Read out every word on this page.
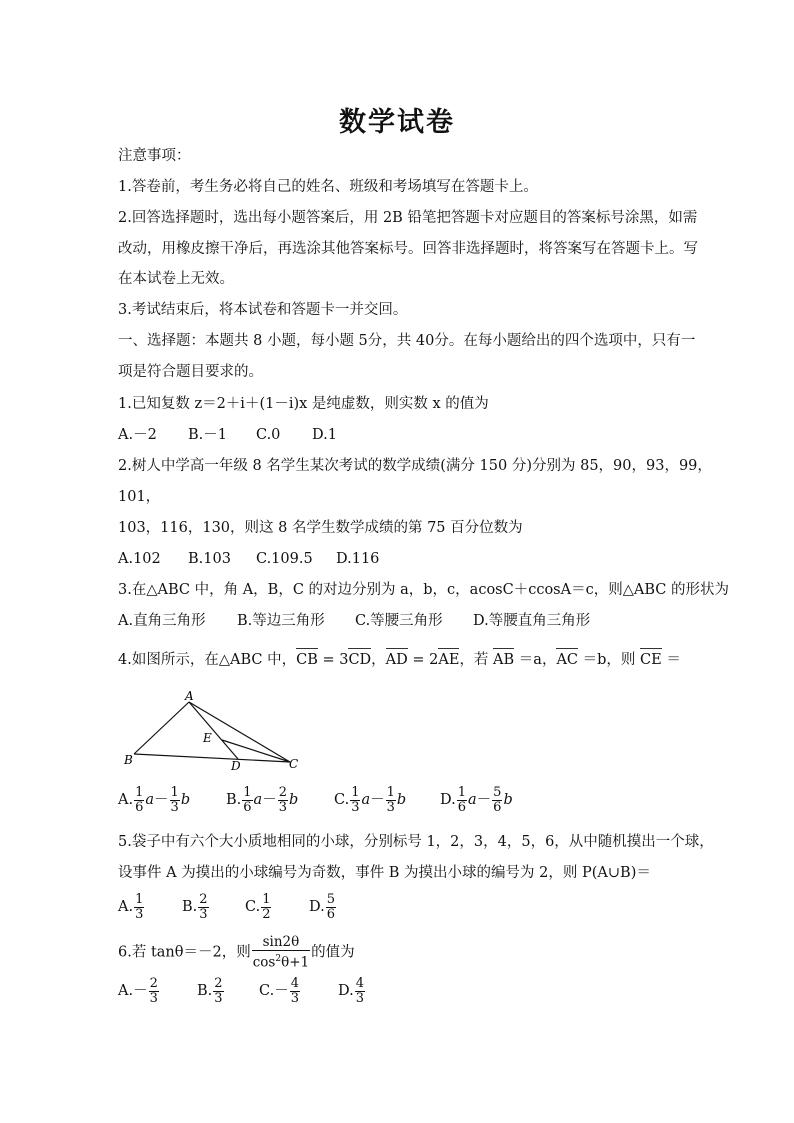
数学试卷
注意事项：
1.答卷前，考生务必将自己的姓名、班级和考场填写在答题卡上。
2.回答选择题时，选出每小题答案后，用 2B 铅笔把答题卡对应题目的答案标号涂黑，如需
改动，用橡皮擦干净后，再选涂其他答案标号。回答非选择题时，将答案写在答题卡上。写
在本试卷上无效。
3.考试结束后，将本试卷和答题卡一并交回。
一、选择题：本题共 8 小题，每小题 5分，共 40分。在每小题给出的四个选项中，只有一
项是符合题目要求的。
1.已知复数 z＝2＋i＋(1－i)x 是纯虚数，则实数 x 的值为
A.－2 B.－1 C.0 D.1
2.树人中学高一年级 8 名学生某次考试的数学成绩(满分 150 分)分别为 85，90，93，99，
101，
103，116，130，则这 8 名学生数学成绩的第 75 百分位数为
A.102 B.103 C.109.5 D.116
3.在△ABC 中，角 A，B，C 的对边分别为 a，b，c，acosC＋ccosA＝c，则△ABC 的形状为
A.直角三角形 B.等边三角形 C.等腰三角形 D.等腰直角三角形
4.如图所示，在△ABC 中，CB = 3CD，AD = 2AE，若 AB ＝a，AC ＝b，则 CE ＝
A
B	C
D
E
A. $\frac{1}{6} a- \frac{1}{3}$ b B. $\frac{1}{6} a- \frac{2}{3}$ b C. $\frac{1}{3} a- \frac{1}{3}$ b D. $\frac{1}{6} a- \frac{5}{6}$ b
5.袋子中有六个大小质地相同的小球，分别标号 1，2，3，4，5，6，从中随机摸出一个球，
设事件 A 为摸出的小球编号为奇数，事件 B 为摸出小球的编号为 2，则 P(A∪B)＝
A. $\frac{1}{3}$	B. $\frac{2}{3}$	C. $\frac{1}{2}$	D. $\frac{5}{6}$
6.若 tanθ＝－2，则 $\frac{\sin 2\theta}{\cos^2\theta+1}$ 的值为
$A.- \frac{2}{3}$	B. $\frac{2}{3} C.- \frac{4}{3}$	D. $\frac{4}{3}$
